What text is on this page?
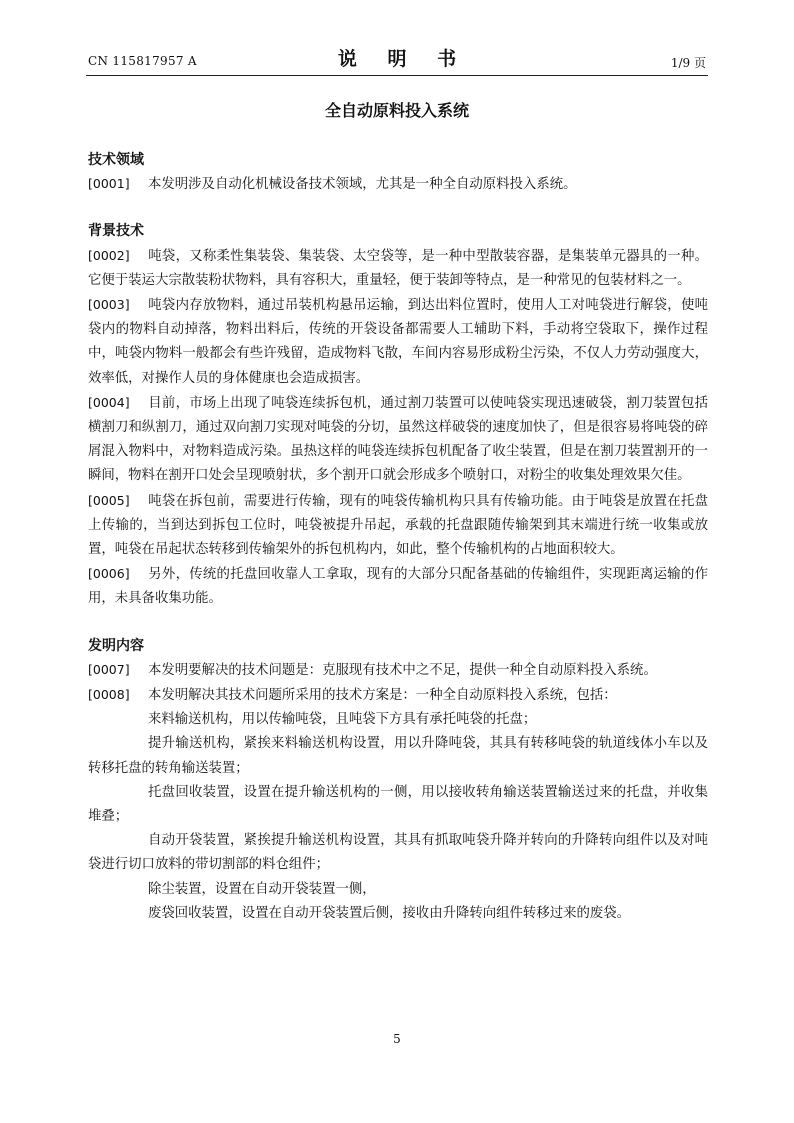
CN 115817957 A	说 明 书	1/9 页
全自动原料投入系统

技术领域

[0001] 本发明涉及自动化机械设备技术领域，尤其是一种全自动原料投入系统。

背景技术

[0002] 吨袋，又称柔性集装袋、集装袋、太空袋等，是一种中型散装容器，是集装单元器具的一种。它便于装运大宗散装粉状物料，具有容积大，重量轻，便于装卸等特点，是一种常见的包装材料之一。

[0003] 吨袋内存放物料，通过吊装机构悬吊运输，到达出料位置时，使用人工对吨袋进行解袋，使吨袋内的物料自动掉落，物料出料后，传统的开袋设备都需要人工辅助下料，手动将空袋取下，操作过程中，吨袋内物料一般都会有些许残留，造成物料飞散，车间内容易形成粉尘污染，不仅人力劳动强度大，效率低，对操作人员的身体健康也会造成损害。

[0004] 目前，市场上出现了吨袋连续拆包机，通过割刀装置可以使吨袋实现迅速破袋，割刀装置包括横割刀和纵割刀，通过双向割刀实现对吨袋的分切，虽然这样破袋的速度加快了，但是很容易将吨袋的碎屑混入物料中，对物料造成污染。虽热这样的吨袋连续拆包机配备了收尘装置，但是在割刀装置割开的一瞬间，物料在割开口处会呈现喷射状，多个割开口就会形成多个喷射口，对粉尘的收集处理效果欠佳。

[0005] 吨袋在拆包前，需要进行传输，现有的吨袋传输机构只具有传输功能。由于吨袋是放置在托盘上传输的，当到达到拆包工位时，吨袋被提升吊起，承载的托盘跟随传输架到其末端进行统一收集或放置，吨袋在吊起状态转移到传输架外的拆包机构内，如此，整个传输机构的占地面积较大。

[0006] 另外，传统的托盘回收靠人工拿取，现有的大部分只配备基础的传输组件，实现距离运输的作用，未具备收集功能。

发明内容

[0007] 本发明要解决的技术问题是：克服现有技术中之不足，提供一种全自动原料投入系统。

[0008] 本发明解决其技术问题所采用的技术方案是：一种全自动原料投入系统，包括：

来料输送机构，用以传输吨袋，且吨袋下方具有承托吨袋的托盘；

提升输送机构，紧挨来料输送机构设置，用以升降吨袋，其具有转移吨袋的轨道线体小车以及转移托盘的转角输送装置；

托盘回收装置，设置在提升输送机构的一侧，用以接收转角输送装置输送过来的托盘，并收集堆叠；

自动开袋装置，紧挨提升输送机构设置，其具有抓取吨袋升降并转向的升降转向组件以及对吨袋进行切口放料的带切割部的料仓组件；

除尘装置，设置在自动开袋装置一侧，

废袋回收装置，设置在自动开袋装置后侧，接收由升降转向组件转移过来的废袋。

5
